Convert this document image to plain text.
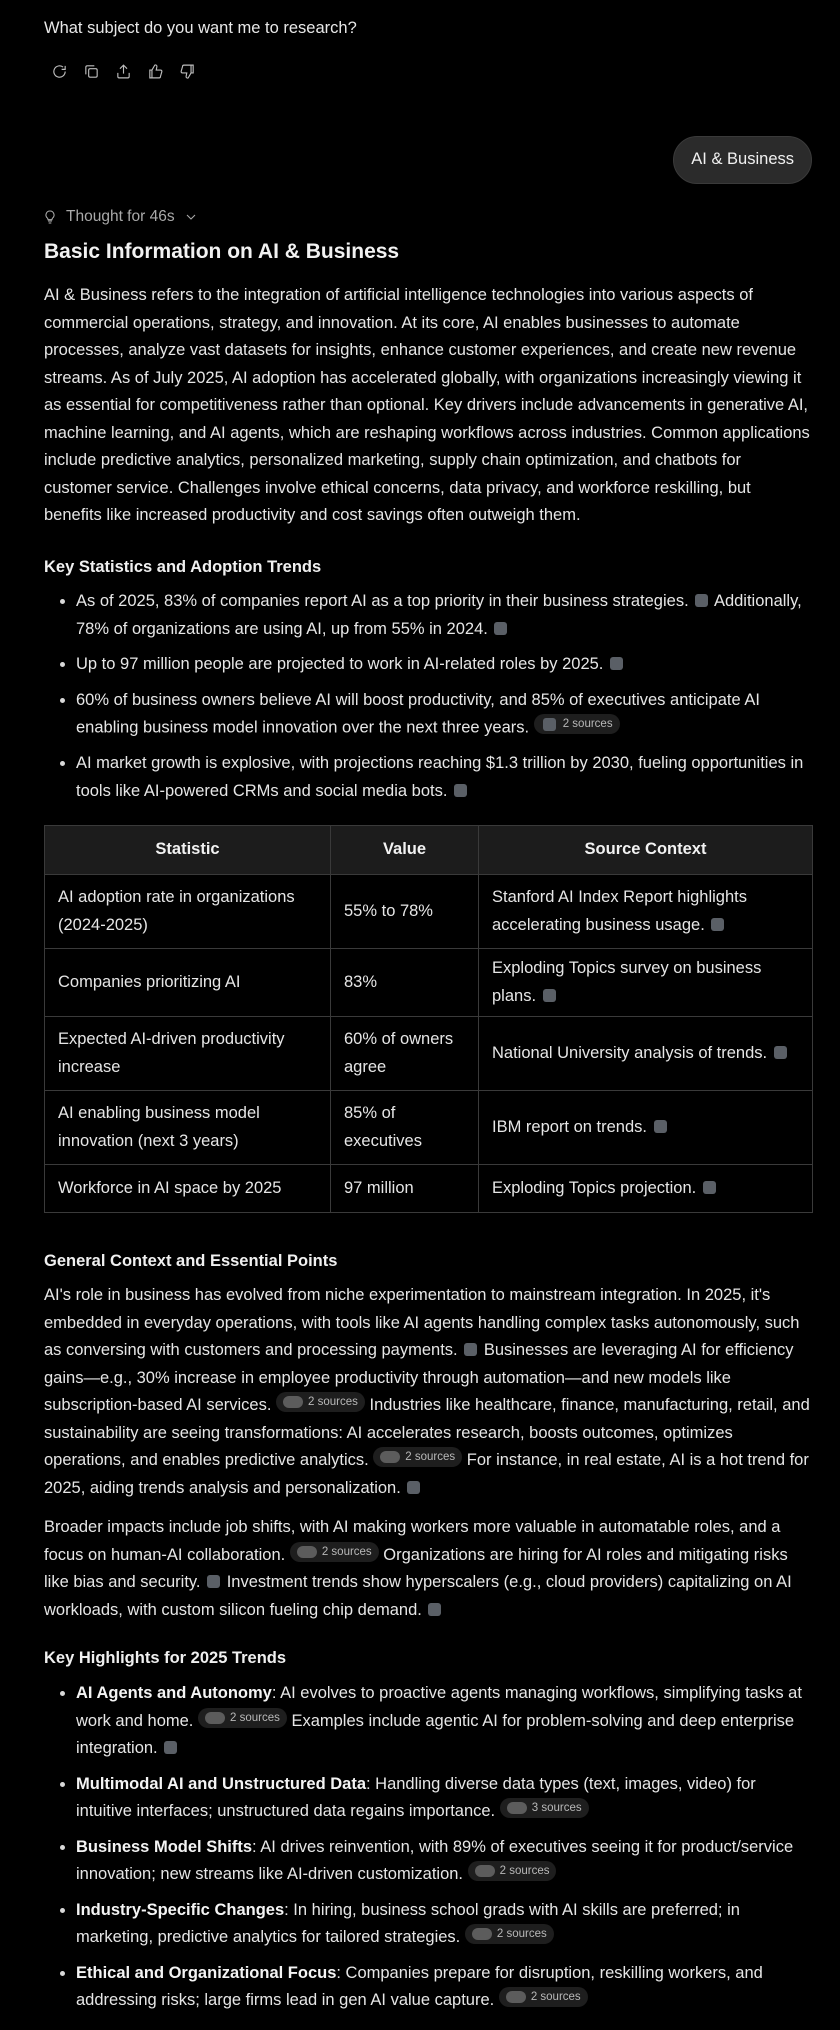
What subject do you want me to research?
AI & Business
Thought for 46s
Basic Information on AI & Business

AI & Business refers to the integration of artificial intelligence technologies into various aspects of commercial operations, strategy, and innovation. At its core, AI enables businesses to automate processes, analyze vast datasets for insights, enhance customer experiences, and create new revenue streams. As of July 2025, AI adoption has accelerated globally, with organizations increasingly viewing it as essential for competitiveness rather than optional. Key drivers include advancements in generative AI, machine learning, and AI agents, which are reshaping workflows across industries. Common applications include predictive analytics, personalized marketing, supply chain optimization, and chatbots for customer service. Challenges involve ethical concerns, data privacy, and workforce reskilling, but benefits like increased productivity and cost savings often outweigh them.

Key Statistics and Adoption Trends
• As of 2025, 83% of companies report AI as a top priority in their business strategies. Additionally, 78% of organizations are using AI, up from 55% in 2024.
• Up to 97 million people are projected to work in AI-related roles by 2025.
• 60% of business owners believe AI will boost productivity, and 85% of executives anticipate AI enabling business model innovation over the next three years.	2 sources
• AI market growth is explosive, with projections reaching $1.3 trillion by 2030, fueling opportunities in tools like AI-powered CRMs and social media bots.
Statistic	Value	Source Context
AI adoption rate in organizations (2024-2025)	55% to 78%	Stanford AI Index Report highlights accelerating business usage.
Companies prioritizing AI	83%	Exploding Topics survey on business plans.
Expected AI-driven productivity increase	60% of owners agree	National University analysis of trends.
AI enabling business model innovation (next 3 years)	85% of executives	IBM report on trends.
Workforce in AI space by 2025	97 million	Exploding Topics projection.
General Context and Essential Points

AI's role in business has evolved from niche experimentation to mainstream integration. In 2025, it's embedded in everyday operations, with tools like AI agents handling complex tasks autonomously, such as conversing with customers and processing payments. Businesses are leveraging AI for efficiency gains—e.g., 30% increase in employee productivity through automation—and new models like subscription-based AI services.	2 sources Industries like healthcare, finance, manufacturing, retail, and sustainability are seeing transformations: AI accelerates research, boosts outcomes, optimizes operations, and enables predictive analytics.	2 sources For instance, in real estate, AI is a hot trend for 2025, aiding trends analysis and personalization.

Broader impacts include job shifts, with AI making workers more valuable in automatable roles, and a focus on human-AI collaboration.	2 sources Organizations are hiring for AI roles and mitigating risks like bias and security. Investment trends show hyperscalers (e.g., cloud providers) capitalizing on AI workloads, with custom silicon fueling chip demand.

Key Highlights for 2025 Trends
• AI Agents and Autonomy: AI evolves to proactive agents managing workflows, simplifying tasks at work and home.	2 sources Examples include agentic AI for problem-solving and deep enterprise integration.
• Multimodal AI and Unstructured Data: Handling diverse data types (text, images, video) for intuitive interfaces; unstructured data regains importance.	3 sources
• Business Model Shifts: AI drives reinvention, with 89% of executives seeing it for product/service innovation; new streams like AI-driven customization.	2 sources
• Industry-Specific Changes: In hiring, business school grads with AI skills are preferred; in marketing, predictive analytics for tailored strategies.	2 sources
• Ethical and Organizational Focus: Companies prepare for disruption, reskilling workers, and addressing risks; large firms lead in gen AI value capture.	2 sources
